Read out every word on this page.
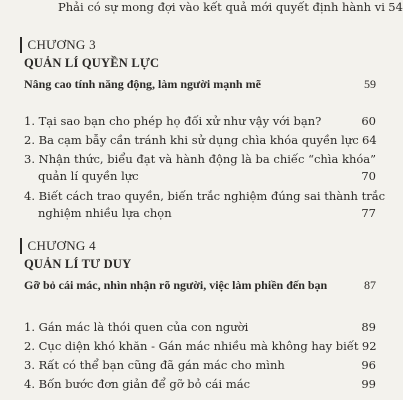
Phải có sự mong đợi vào kết quả mới quyết định hành vi 54
CHƯƠNG 3
QUẢN LÍ QUYỀN LỰC
Nâng cao tính năng động, làm người mạnh mẽ	59
1. Tại sao bạn cho phép họ đối xử như vậy với bạn?	60
2. Ba cạm bẫy cần tránh khi sử dụng chìa khóa quyền lực 64
3. Nhận thức, biểu đạt và hành động là ba chiếc “chìa khóa”
quản lí quyền lực	70
4. Biết cách trao quyền, biến trắc nghiệm đúng sai thành trắc
nghiệm nhiều lựa chọn	77
CHƯƠNG 4
QUẢN LÍ TƯ DUY
Gỡ bỏ cái mác, nhìn nhận rõ người, việc làm phiền đến bạn	87
1. Gán mác là thói quen của con người	89
2. Cục diện khó khăn - Gán mác nhiều mà không hay biết 92
3. Rất có thể bạn cũng đã gán mác cho mình	96
4. Bốn bước đơn giản để gỡ bỏ cái mác	99
